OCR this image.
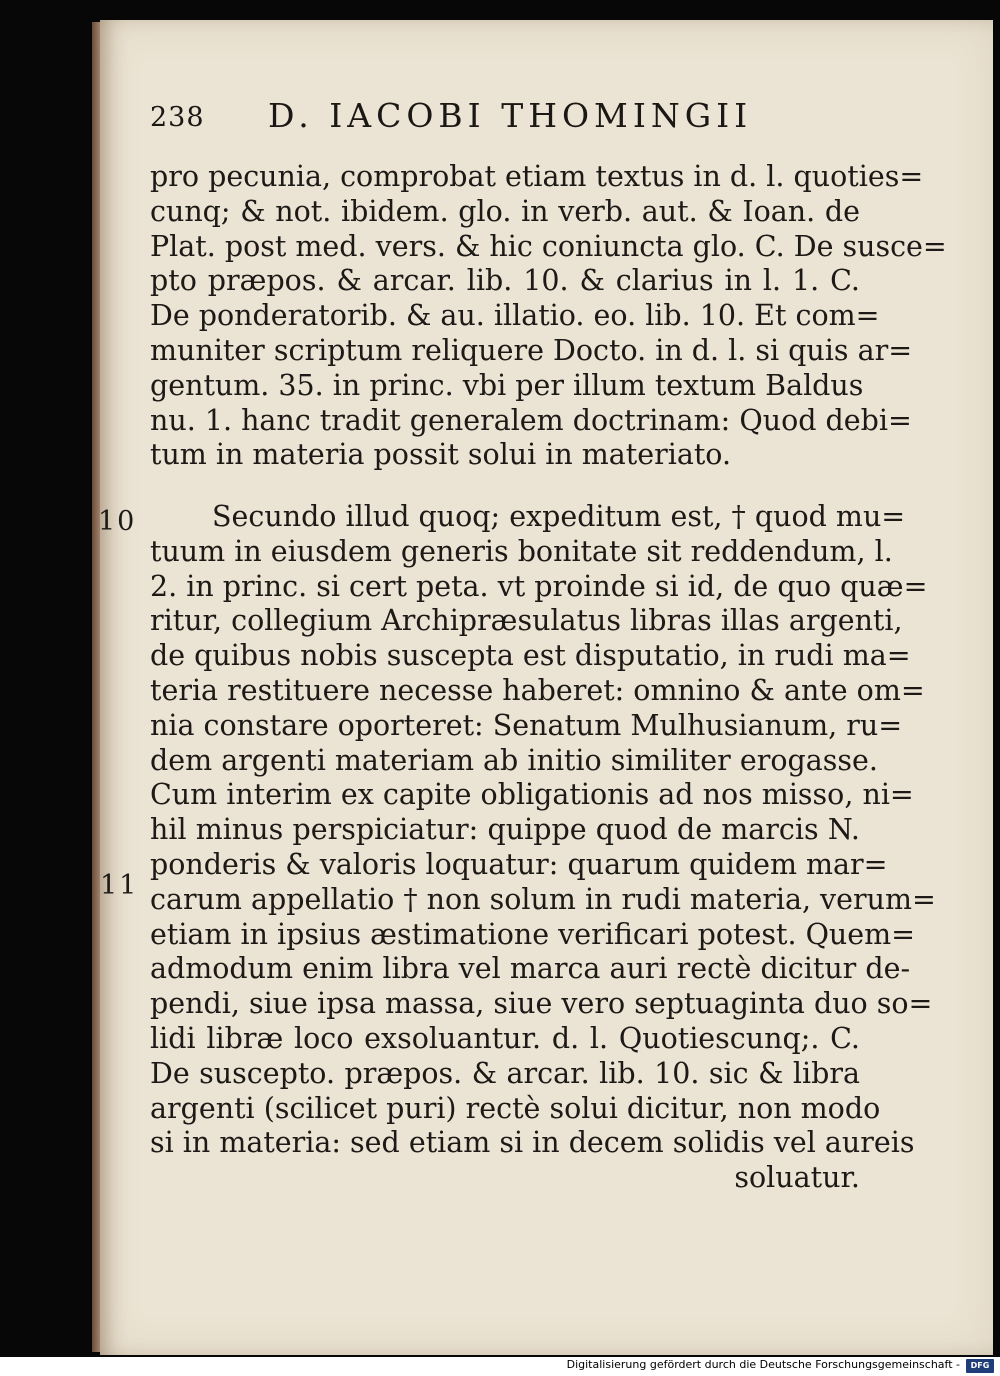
238 D. IACOBI THOMINGII
pro pecunia, comprobat etiam textus in d. l. quoties=
cunq; & not. ibidem. glo. in verb. aut. & Ioan. de
Plat. post med. vers. & hic coniuncta glo. C. De susce=
pto præpos. & arcar. lib. 10. & clarius in l. 1. C.
De ponderatorib. & au. illatio. eo. lib. 10. Et com=
muniter scriptum reliquere Docto. in d. l. si quis ar=
gentum. 35. in princ. vbi per illum textum Baldus
nu. 1. hanc tradit generalem doctrinam: Quod debi=
tum in materia possit solui in materiato.
10
11
Secundo illud quoq; expeditum est, † quod mu=
tuum in eiusdem generis bonitate sit reddendum, l.
2. in princ. si cert peta. vt proinde si id, de quo quæ=
ritur, collegium Archipræsulatus libras illas argenti,
de quibus nobis suscepta est disputatio, in rudi ma=
teria restituere necesse haberet: omnino & ante om=
nia constare oporteret: Senatum Mulhusianum, ru=
dem argenti materiam ab initio similiter erogasse.
Cum interim ex capite obligationis ad nos misso, ni=
hil minus perspiciatur: quippe quod de marcis N.
ponderis & valoris loquatur: quarum quidem mar=
carum appellatio † non solum in rudi materia, verum=
etiam in ipsius æstimatione verificari potest. Quem=
admodum enim libra vel marca auri rectè dicitur de-
pendi, siue ipsa massa, siue vero septuaginta duo so=
lidi libræ loco exsoluantur. d. l. Quotiescunq;. C.
De suscepto. præpos. & arcar. lib. 10. sic & libra
argenti (scilicet puri) rectè solui dicitur, non modo
si in materia: sed etiam si in decem solidis vel aureis
soluatur.
Digitalisierung gefördert durch die Deutsche Forschungsgemeinschaft -	DFG
